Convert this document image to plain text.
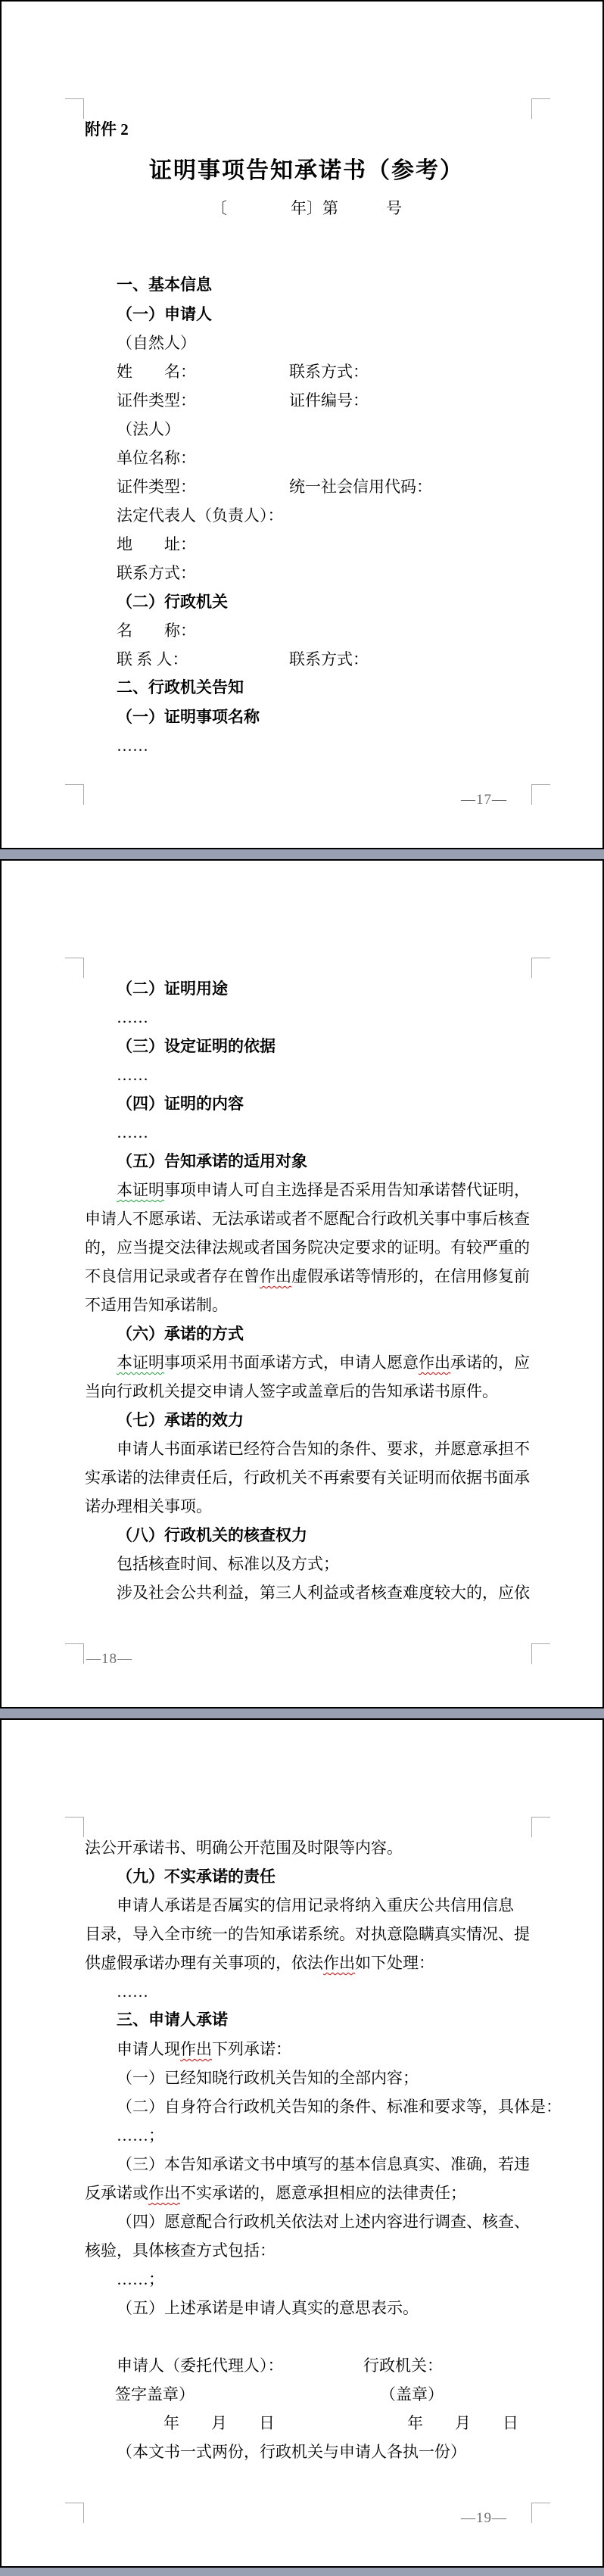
附件 2
证明事项告知承诺书（参考）
〔　　　　年〕第　　　号
一、基本信息
（一）申请人
（自然人）
姓　　名：	联系方式：
证件类型：	证件编号：
（法人）
单位名称：
证件类型：	统一社会信用代码：
法定代表人（负责人）：
地　　址：
联系方式：
（二）行政机关
名　　称：
联 系 人：	联系方式：
二、行政机关告知
（一）证明事项名称
……
—17—
（二）证明用途
……
（三）设定证明的依据
……
（四）证明的内容
……
（五）告知承诺的适用对象
本证明事项申请人可自主选择是否采用告知承诺替代证明，
申请人不愿承诺、无法承诺或者不愿配合行政机关事中事后核查
的，应当提交法律法规或者国务院决定要求的证明。有较严重的
不良信用记录或者存在曾作出虚假承诺等情形的，在信用修复前
不适用告知承诺制。
（六）承诺的方式
本证明事项采用书面承诺方式，申请人愿意作出承诺的，应
当向行政机关提交申请人签字或盖章后的告知承诺书原件。
（七）承诺的效力
申请人书面承诺已经符合告知的条件、要求，并愿意承担不
实承诺的法律责任后，行政机关不再索要有关证明而依据书面承
诺办理相关事项。
（八）行政机关的核查权力
包括核查时间、标准以及方式；
涉及社会公共利益，第三人利益或者核查难度较大的，应依
—18—
法公开承诺书、明确公开范围及时限等内容。
（九）不实承诺的责任
申请人承诺是否属实的信用记录将纳入重庆公共信用信息
目录，导入全市统一的告知承诺系统。对执意隐瞒真实情况、提
供虚假承诺办理有关事项的，依法作出如下处理：
……
三、申请人承诺
申请人现作出下列承诺：
（一）已经知晓行政机关告知的全部内容；
（二）自身符合行政机关告知的条件、标准和要求等，具体是：
……；
（三）本告知承诺文书中填写的基本信息真实、准确，若违
反承诺或作出不实承诺的，愿意承担相应的法律责任；
（四）愿意配合行政机关依法对上述内容进行调查、核查、
核验，具体核查方式包括：
……；
（五）上述承诺是申请人真实的意思表示。
申请人（委托代理人）：	行政机关：
签字盖章）	（盖章）
年　　月　　日	年　　月　　日
（本文书一式两份，行政机关与申请人各执一份）
—19—
